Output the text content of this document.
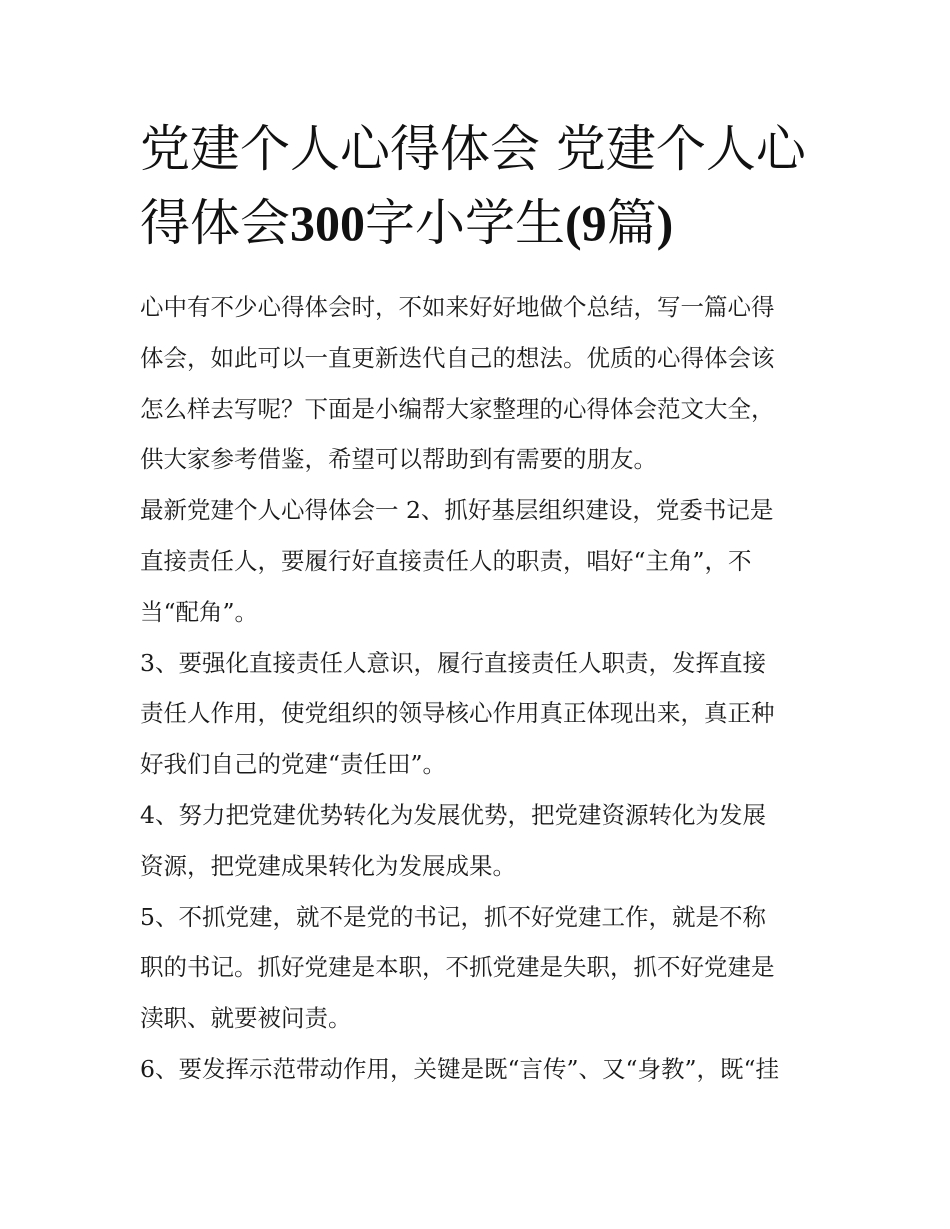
党建个人心得体会 党建个人心
得体会300字小学生(9篇)
心中有不少心得体会时，不如来好好地做个总结，写一篇心得
体会，如此可以一直更新迭代自己的想法。优质的心得体会该
怎么样去写呢？下面是小编帮大家整理的心得体会范文大全，
供大家参考借鉴，希望可以帮助到有需要的朋友。
最新党建个人心得体会一 2、抓好基层组织建设，党委书记是
直接责任人，要履行好直接责任人的职责，唱好“主角”，不
当“配角”。
3、要强化直接责任人意识，履行直接责任人职责，发挥直接
责任人作用，使党组织的领导核心作用真正体现出来，真正种
好我们自己的党建“责任田”。
4、努力把党建优势转化为发展优势，把党建资源转化为发展
资源，把党建成果转化为发展成果。
5、不抓党建，就不是党的书记，抓不好党建工作，就是不称
职的书记。抓好党建是本职，不抓党建是失职，抓不好党建是
渎职、就要被问责。
6、要发挥示范带动作用，关键是既“言传”、又“身教”，既“挂
